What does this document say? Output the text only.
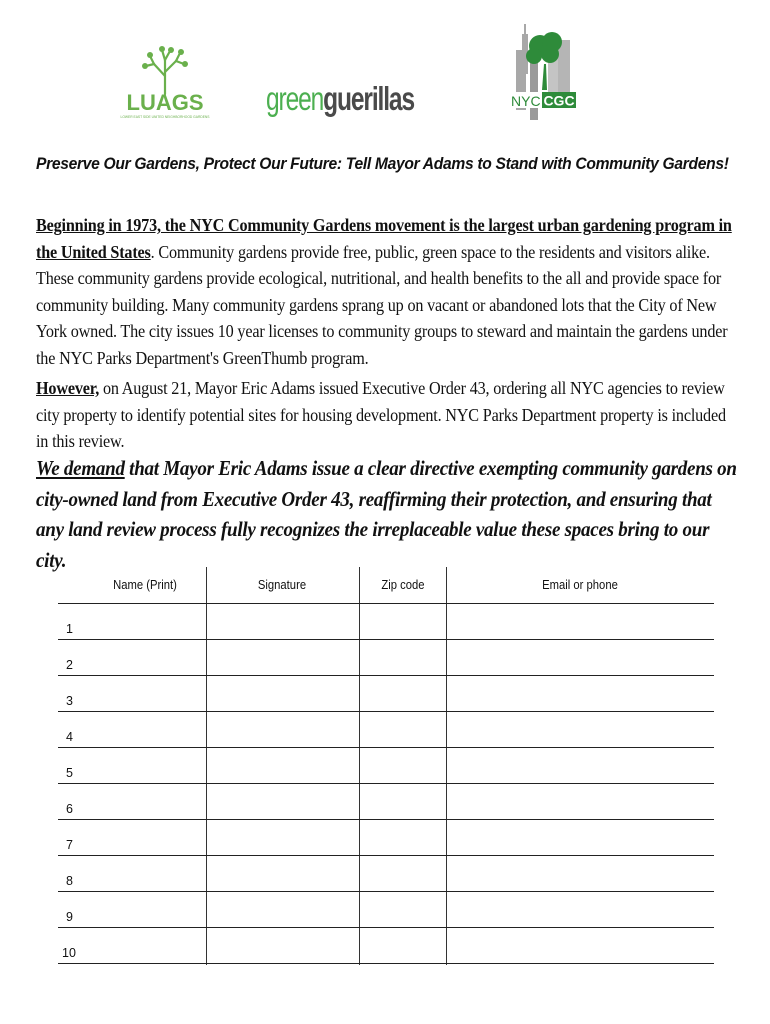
LUAGS
LOWER EAST SIDE UNITED NEIGHBORHOOD GARDENS greenguerillas	NYC CGC
Preserve Our Gardens, Protect Our Future: Tell Mayor Adams to Stand with Community Gardens!
Beginning in 1973, the NYC Community Gardens movement is the largest urban gardening program in the United States. Community gardens provide free, public, green space to the residents and visitors alike. These community gardens provide ecological, nutritional, and health benefits to the all and provide space for community building. Many community gardens sprang up on vacant or abandoned lots that the City of New York owned. The city issues 10 year licenses to community groups to steward and maintain the gardens under the NYC Parks Department's GreenThumb program.
However, on August 21, Mayor Eric Adams issued Executive Order 43, ordering all NYC agencies to review city property to identify potential sites for housing development. NYC Parks Department property is included in this review.
We demand that Mayor Eric Adams issue a clear directive exempting community gardens on city-owned land from Executive Order 43, reaffirming their protection, and ensuring that any land review process fully recognizes the irreplaceable value these spaces bring to our city.
Name (Print)	Signature	Zip code	Email or phone
1
2
3
4
5
6
7
8
9
10
